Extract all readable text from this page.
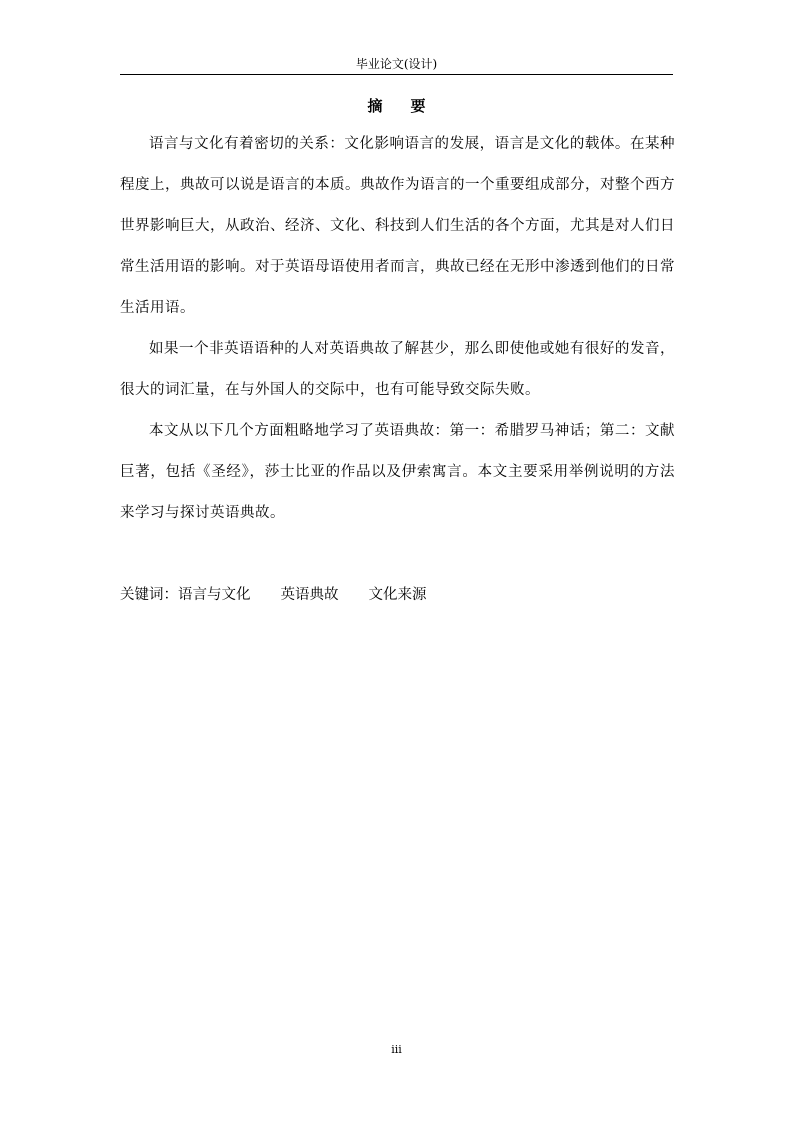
毕业论文(设计)
摘要

语言与文化有着密切的关系：文化影响语言的发展，语言是文化的载体。在某种程度上，典故可以说是语言的本质。典故作为语言的一个重要组成部分，对整个西方世界影响巨大，从政治、经济、文化、科技到人们生活的各个方面，尤其是对人们日常生活用语的影响。对于英语母语使用者而言，典故已经在无形中渗透到他们的日常生活用语。

如果一个非英语语种的人对英语典故了解甚少，那么即使他或她有很好的发音，很大的词汇量，在与外国人的交际中，也有可能导致交际失败。

本文从以下几个方面粗略地学习了英语典故：第一：希腊罗马神话；第二：文献巨著，包括《圣经》，莎士比亚的作品以及伊索寓言。本文主要采用举例说明的方法来学习与探讨英语典故。

关键词：语言与文化 英语典故 文化来源
iii
